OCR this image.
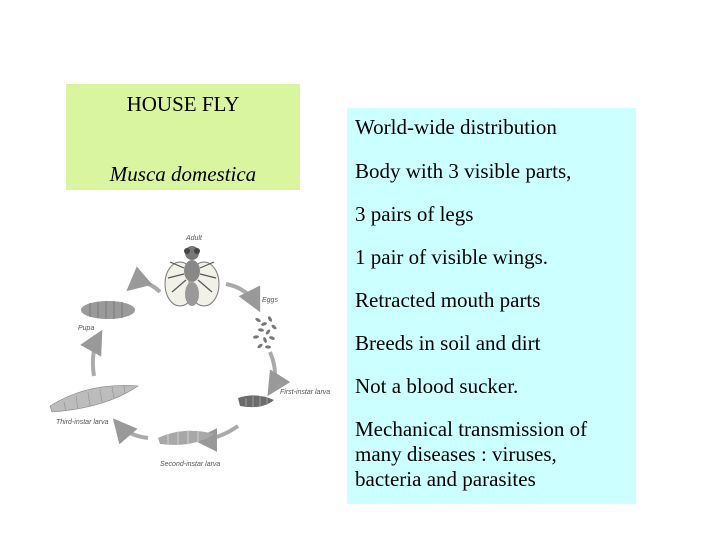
HOUSE FLY
Musca domestica
World-wide distribution
Body with 3 visible parts,
3 pairs of legs
1 pair of visible wings.
Retracted mouth parts
Breeds in soil and dirt
Not a blood sucker.
Mechanical transmission of
many diseases : viruses,
bacteria and parasites
Adult
Eggs
First-instar larva
Second-instar larva
Third-instar larva
Pupa
